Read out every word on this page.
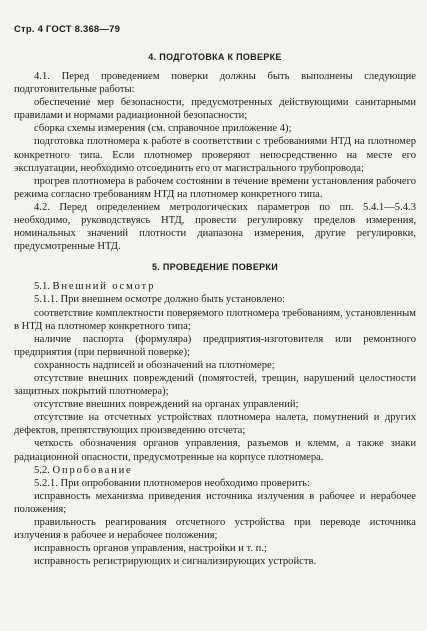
Стр. 4 ГОСТ 8.368—79
4. ПОДГОТОВКА К ПОВЕРКЕ

4.1. Перед проведением поверки должны быть выполнены следующие подготовительные работы:

обеспечение мер безопасности, предусмотренных действующими санитарными правилами и нормами радиационной безопасности;

сборка схемы измерения (см. справочное приложение 4);

подготовка плотномера к работе в соответствии с требованиями НТД на плотномер конкретного типа. Если плотномер проверяют непосредственно на месте его эксплуатации, необходимо отсоединить его от магистрального трубопровода;

прогрев плотномера в рабочем состоянии в течение времени установления рабочего режима согласно требованиям НТД на плотномер конкретного типа.

4.2. Перед определением метрологических параметров по пп. 5.4.1—5.4.3 необходимо, руководствуясь НТД, провести регулировку пределов измерения, номинальных значений плотности диапазона измерения, другие регулировки, предусмотренные НТД.

5. ПРОВЕДЕНИЕ ПОВЕРКИ

5.1. Внешний осмотр

5.1.1. При внешнем осмотре должно быть установлено:

соответствие комплектности поверяемого плотномера требованиям, установленным в НТД на плотномер конкретного типа;

наличие паспорта (формуляра) предприятия-изготовителя или ремонтного предприятия (при первичной поверке);

сохранность надписей и обозначений на плотномере;

отсутствие внешних повреждений (помятостей, трещин, нарушений целостности защитных покрытий плотномера);

отсутствие внешних повреждений на органах управлений;

отсутствие на отсчетных устройствах плотномера налета, помутнений и других дефектов, препятствующих произведению отсчета;

четкость обозначения органов управления, разъемов и клемм, а также знаки радиационной опасности, предусмотренные на корпусе плотномера.

5.2. Опробование

5.2.1. При опробовании плотномеров необходимо проверить:

исправность механизма приведения источника излучения в рабочее и нерабочее положения;

правильность реагирования отсчетного устройства при переводе источника излучения в рабочее и нерабочее положения;

исправность органов управления, настройки и т. п.;

исправность регистрирующих и сигнализирующих устройств.
